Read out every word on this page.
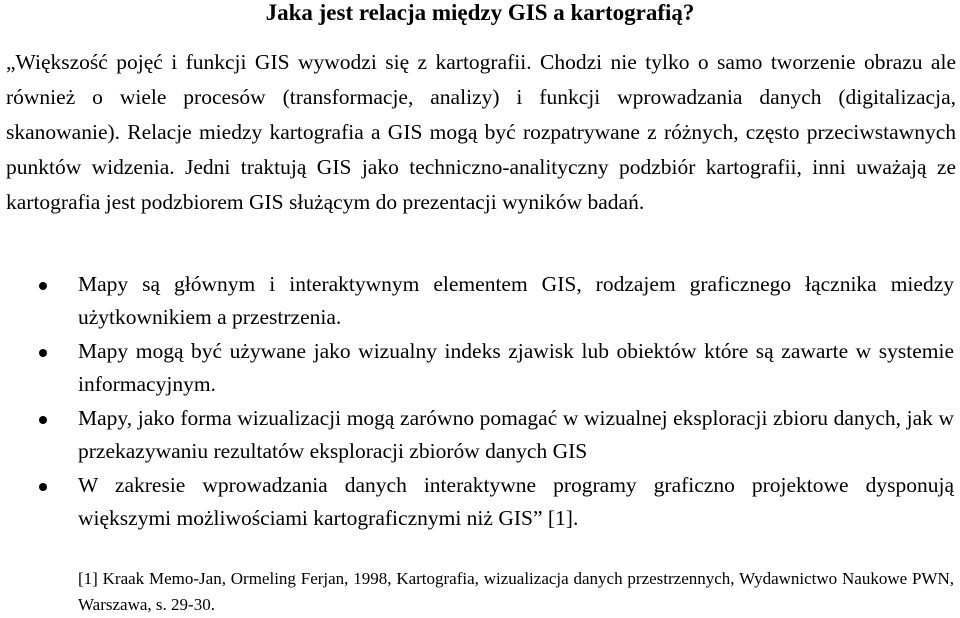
Jaka jest relacja między GIS a kartografią?

„Większość pojęć i funkcji GIS wywodzi się z kartografii. Chodzi nie tylko o samo tworzenie obrazu ale również o wiele procesów (transformacje, analizy) i funkcji wprowadzania danych (digitalizacja, skanowanie). Relacje miedzy kartografia a GIS mogą być rozpatrywane z różnych, często przeciwstawnych punktów widzenia. Jedni traktują GIS jako techniczno-analityczny podzbiór kartografii, inni uważają ze kartografia jest podzbiorem GIS służącym do prezentacji wyników badań.

Mapy są głównym i interaktywnym elementem GIS, rodzajem graficznego łącznika miedzy użytkownikiem a przestrzenia.
Mapy mogą być używane jako wizualny indeks zjawisk lub obiektów które są zawarte w systemie informacyjnym.
Mapy, jako forma wizualizacji mogą zarówno pomagać w wizualnej eksploracji zbioru danych, jak w przekazywaniu rezultatów eksploracji zbiorów danych GIS
W zakresie wprowadzania danych interaktywne programy graficzno projektowe dysponują większymi możliwościami kartograficznymi niż GIS” [1].

[1] Kraak Memo-Jan, Ormeling Ferjan, 1998, Kartografia, wizualizacja danych przestrzennych, Wydawnictwo Naukowe PWN, Warszawa, s. 29-30.
